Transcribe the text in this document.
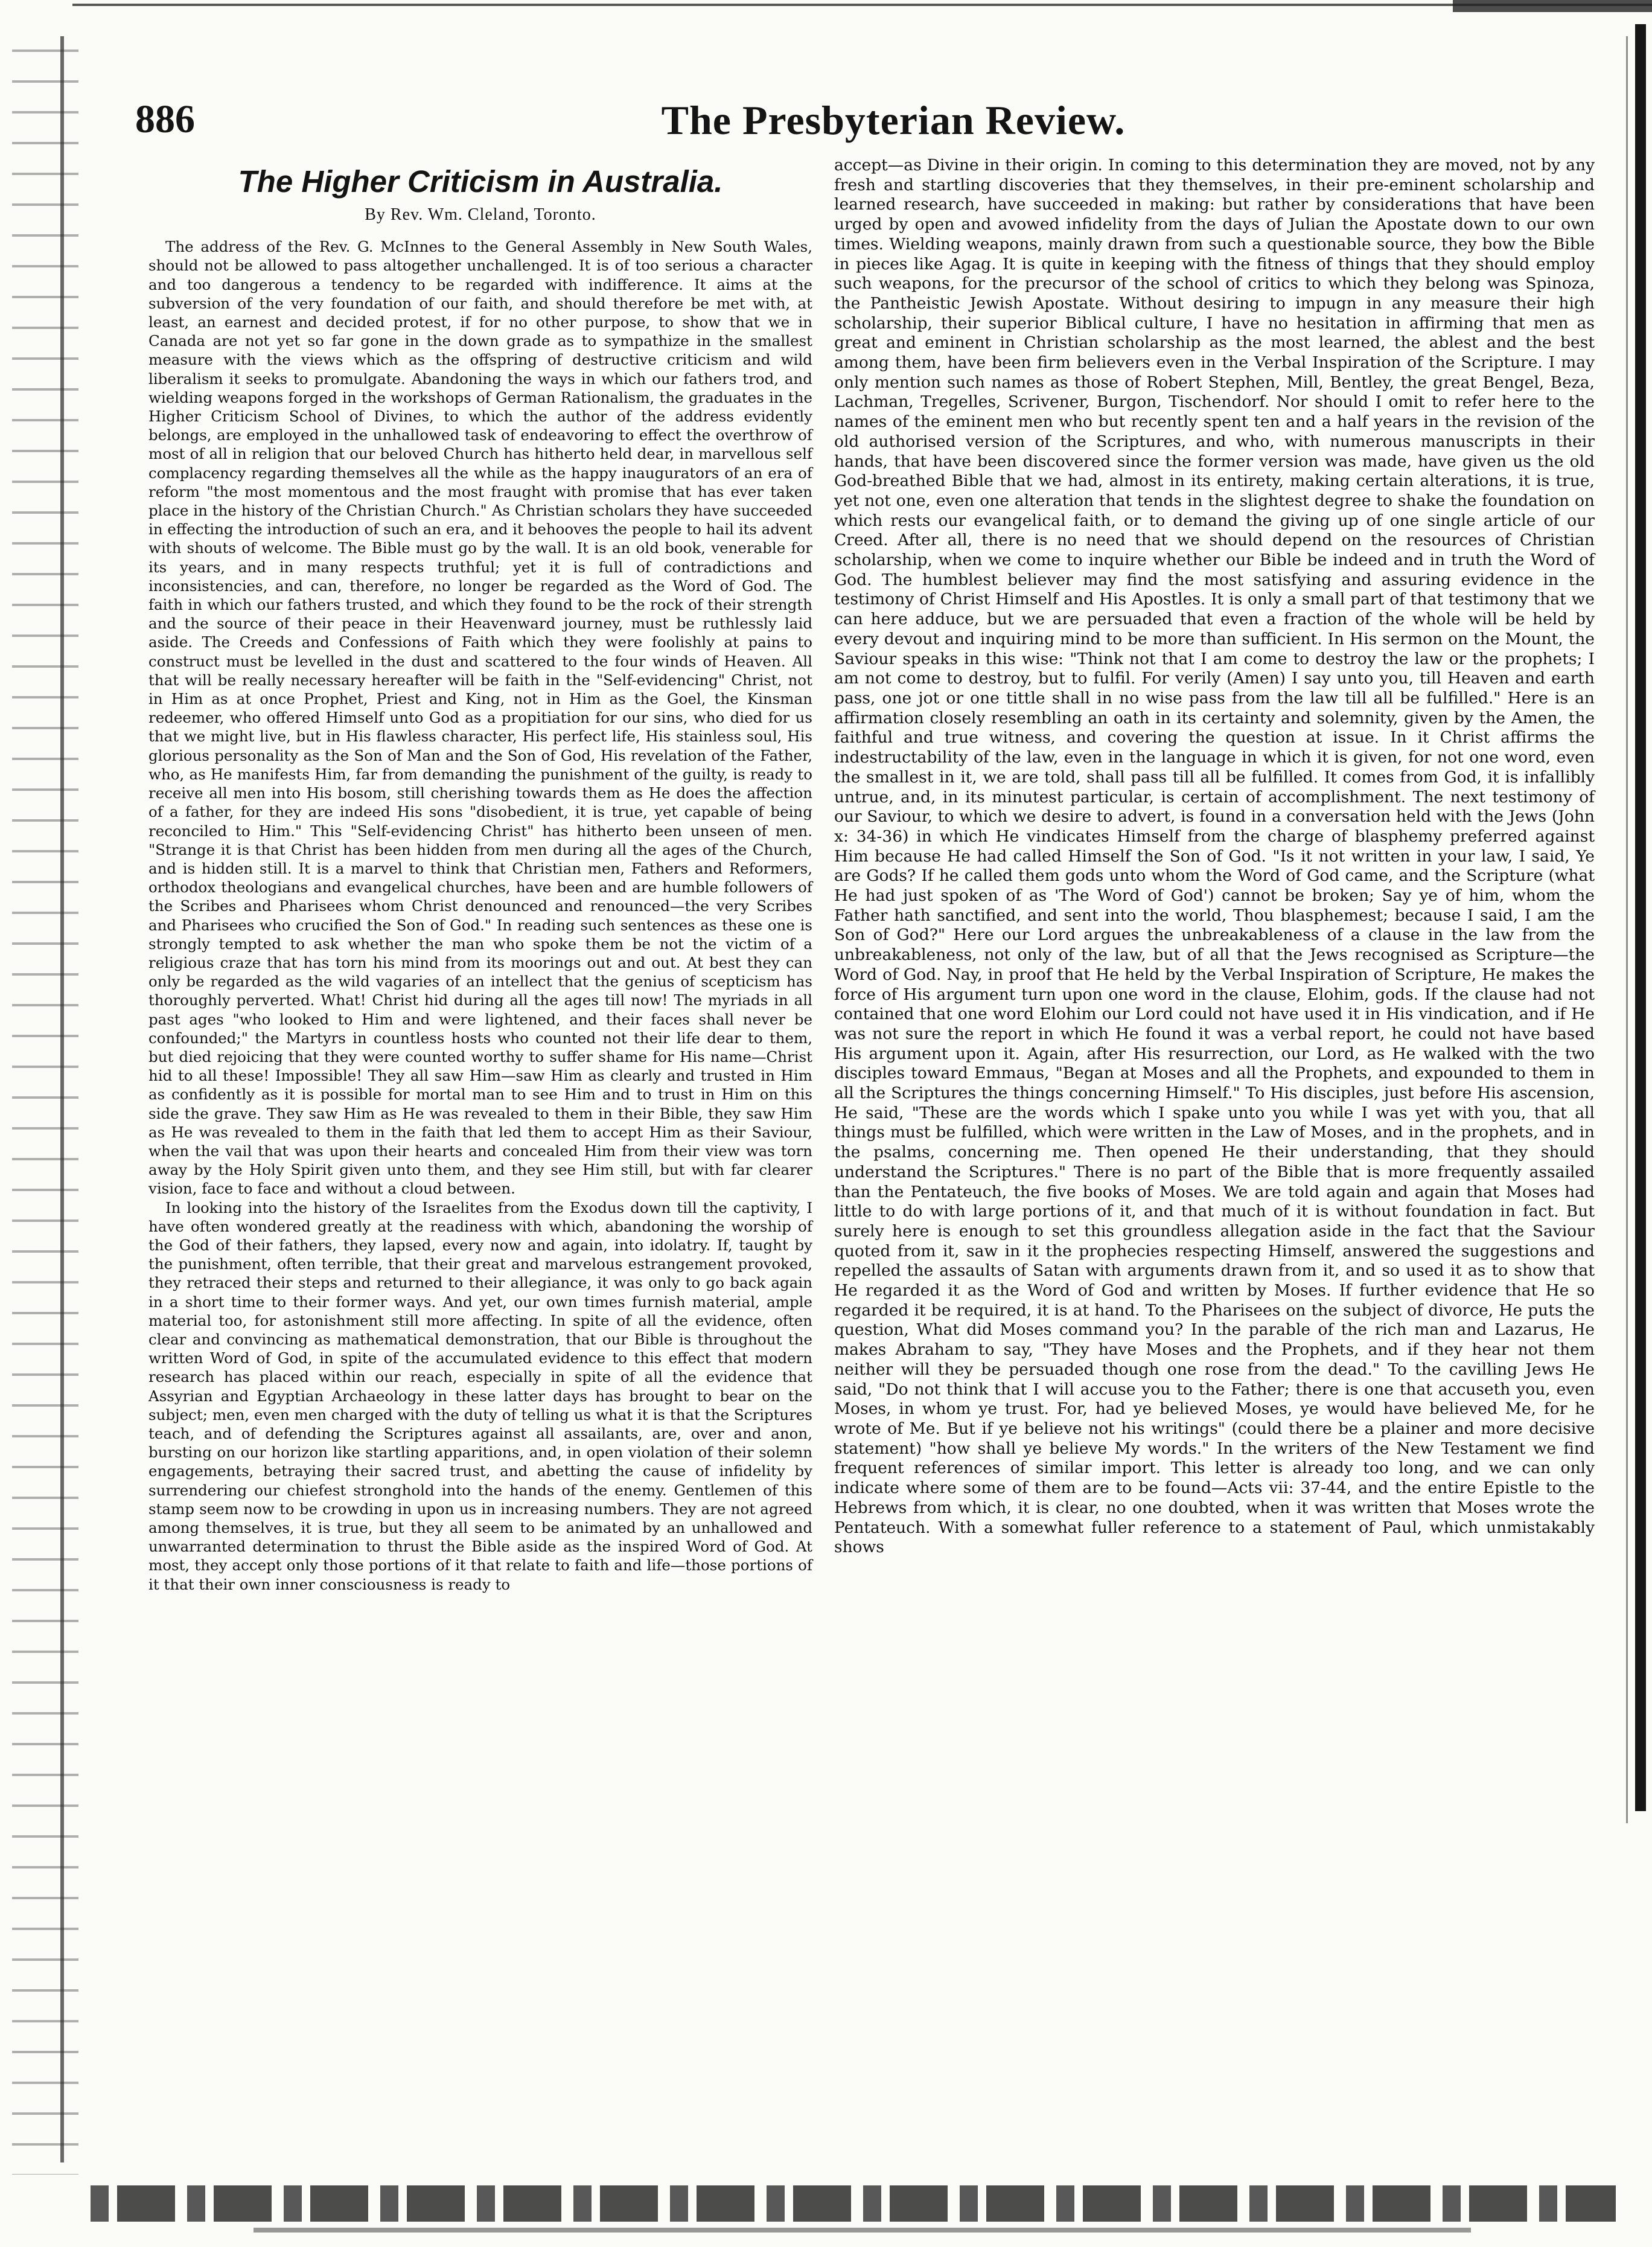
886	The Presbyterian Review.
The Higher Criticism in Australia.
By Rev. Wm. Cleland, Toronto.

The address of the Rev. G. McInnes to the General Assembly in New South Wales, should not be allowed to pass altogether unchallenged. It is of too serious a character and too dangerous a tendency to be regarded with indifference. It aims at the subversion of the very foundation of our faith, and should therefore be met with, at least, an earnest and decided protest, if for no other purpose, to show that we in Canada are not yet so far gone in the down grade as to sympathize in the smallest measure with the views which as the offspring of destructive criticism and wild liberalism it seeks to promulgate. Abandoning the ways in which our fathers trod, and wielding weapons forged in the workshops of German Rationalism, the graduates in the Higher Criticism School of Divines, to which the author of the address evidently belongs, are employed in the unhallowed task of endeavoring to effect the overthrow of most of all in religion that our beloved Church has hitherto held dear, in marvellous self complacency regarding themselves all the while as the happy inaugurators of an era of reform "the most momentous and the most fraught with promise that has ever taken place in the history of the Christian Church." As Christian scholars they have succeeded in effecting the introduction of such an era, and it behooves the people to hail its advent with shouts of welcome. The Bible must go by the wall. It is an old book, venerable for its years, and in many respects truthful; yet it is full of contradictions and inconsistencies, and can, therefore, no longer be regarded as the Word of God. The faith in which our fathers trusted, and which they found to be the rock of their strength and the source of their peace in their Heavenward journey, must be ruthlessly laid aside. The Creeds and Confessions of Faith which they were foolishly at pains to construct must be levelled in the dust and scattered to the four winds of Heaven. All that will be really necessary hereafter will be faith in the "Self-evidencing" Christ, not in Him as at once Prophet, Priest and King, not in Him as the Goel, the Kinsman redeemer, who offered Himself unto God as a propitiation for our sins, who died for us that we might live, but in His flawless character, His perfect life, His stainless soul, His glorious personality as the Son of Man and the Son of God, His revelation of the Father, who, as He manifests Him, far from demanding the punishment of the guilty, is ready to receive all men into His bosom, still cherishing towards them as He does the affection of a father, for they are indeed His sons "disobedient, it is true, yet capable of being reconciled to Him." This "Self-evidencing Christ" has hitherto been unseen of men. "Strange it is that Christ has been hidden from men during all the ages of the Church, and is hidden still. It is a marvel to think that Christian men, Fathers and Reformers, orthodox theologians and evangelical churches, have been and are humble followers of the Scribes and Pharisees whom Christ denounced and renounced—the very Scribes and Pharisees who crucified the Son of God." In reading such sentences as these one is strongly tempted to ask whether the man who spoke them be not the victim of a religious craze that has torn his mind from its moorings out and out. At best they can only be regarded as the wild vagaries of an intellect that the genius of scepticism has thoroughly perverted. What! Christ hid during all the ages till now! The myriads in all past ages "who looked to Him and were lightened, and their faces shall never be confounded;" the Martyrs in countless hosts who counted not their life dear to them, but died rejoicing that they were counted worthy to suffer shame for His name—Christ hid to all these! Impossible! They all saw Him—saw Him as clearly and trusted in Him as confidently as it is possible for mortal man to see Him and to trust in Him on this side the grave. They saw Him as He was revealed to them in their Bible, they saw Him as He was revealed to them in the faith that led them to accept Him as their Saviour, when the vail that was upon their hearts and concealed Him from their view was torn away by the Holy Spirit given unto them, and they see Him still, but with far clearer vision, face to face and without a cloud between.

In looking into the history of the Israelites from the Exodus down till the captivity, I have often wondered greatly at the readiness with which, abandoning the worship of the God of their fathers, they lapsed, every now and again, into idolatry. If, taught by the punishment, often terrible, that their great and marvelous estrangement provoked, they retraced their steps and returned to their allegiance, it was only to go back again in a short time to their former ways. And yet, our own times furnish material, ample material too, for astonishment still more affecting. In spite of all the evidence, often clear and convincing as mathematical demonstration, that our Bible is throughout the written Word of God, in spite of the accumulated evidence to this effect that modern research has placed within our reach, especially in spite of all the evidence that Assyrian and Egyptian Archaeology in these latter days has brought to bear on the subject; men, even men charged with the duty of telling us what it is that the Scriptures teach, and of defending the Scriptures against all assailants, are, over and anon, bursting on our horizon like startling apparitions, and, in open violation of their solemn engagements, betraying their sacred trust, and abetting the cause of infidelity by surrendering our chiefest stronghold into the hands of the enemy. Gentlemen of this stamp seem now to be crowding in upon us in increasing numbers. They are not agreed among themselves, it is true, but they all seem to be animated by an unhallowed and unwarranted determination to thrust the Bible aside as the inspired Word of God. At most, they accept only those portions of it that relate to faith and life—those portions of it that their own inner consciousness is ready to

accept—as Divine in their origin. In coming to this determination they are moved, not by any fresh and startling discoveries that they themselves, in their pre-eminent scholarship and learned research, have succeeded in making: but rather by considerations that have been urged by open and avowed infidelity from the days of Julian the Apostate down to our own times. Wielding weapons, mainly drawn from such a questionable source, they bow the Bible in pieces like Agag. It is quite in keeping with the fitness of things that they should employ such weapons, for the precursor of the school of critics to which they belong was Spinoza, the Pantheistic Jewish Apostate. Without desiring to impugn in any measure their high scholarship, their superior Biblical culture, I have no hesitation in affirming that men as great and eminent in Christian scholarship as the most learned, the ablest and the best among them, have been firm believers even in the Verbal Inspiration of the Scripture. I may only mention such names as those of Robert Stephen, Mill, Bentley, the great Bengel, Beza, Lachman, Tregelles, Scrivener, Burgon, Tischendorf. Nor should I omit to refer here to the names of the eminent men who but recently spent ten and a half years in the revision of the old authorised version of the Scriptures, and who, with numerous manuscripts in their hands, that have been discovered since the former version was made, have given us the old God-breathed Bible that we had, almost in its entirety, making certain alterations, it is true, yet not one, even one alteration that tends in the slightest degree to shake the foundation on which rests our evangelical faith, or to demand the giving up of one single article of our Creed. After all, there is no need that we should depend on the resources of Christian scholarship, when we come to inquire whether our Bible be indeed and in truth the Word of God. The humblest believer may find the most satisfying and assuring evidence in the testimony of Christ Himself and His Apostles. It is only a small part of that testimony that we can here adduce, but we are persuaded that even a fraction of the whole will be held by every devout and inquiring mind to be more than sufficient. In His sermon on the Mount, the Saviour speaks in this wise: "Think not that I am come to destroy the law or the prophets; I am not come to destroy, but to fulfil. For verily (Amen) I say unto you, till Heaven and earth pass, one jot or one tittle shall in no wise pass from the law till all be fulfilled." Here is an affirmation closely resembling an oath in its certainty and solemnity, given by the Amen, the faithful and true witness, and covering the question at issue. In it Christ affirms the indestructability of the law, even in the language in which it is given, for not one word, even the smallest in it, we are told, shall pass till all be fulfilled. It comes from God, it is infallibly untrue, and, in its minutest particular, is certain of accomplishment. The next testimony of our Saviour, to which we desire to advert, is found in a conversation held with the Jews (John x: 34-36) in which He vindicates Himself from the charge of blasphemy preferred against Him because He had called Himself the Son of God. "Is it not written in your law, I said, Ye are Gods? If he called them gods unto whom the Word of God came, and the Scripture (what He had just spoken of as 'The Word of God') cannot be broken; Say ye of him, whom the Father hath sanctified, and sent into the world, Thou blasphemest; because I said, I am the Son of God?" Here our Lord argues the unbreakableness of a clause in the law from the unbreakableness, not only of the law, but of all that the Jews recognised as Scripture—the Word of God. Nay, in proof that He held by the Verbal Inspiration of Scripture, He makes the force of His argument turn upon one word in the clause, Elohim, gods. If the clause had not contained that one word Elohim our Lord could not have used it in His vindication, and if He was not sure the report in which He found it was a verbal report, he could not have based His argument upon it. Again, after His resurrection, our Lord, as He walked with the two disciples toward Emmaus, "Began at Moses and all the Prophets, and expounded to them in all the Scriptures the things concerning Himself." To His disciples, just before His ascension, He said, "These are the words which I spake unto you while I was yet with you, that all things must be fulfilled, which were written in the Law of Moses, and in the prophets, and in the psalms, concerning me. Then opened He their understanding, that they should understand the Scriptures." There is no part of the Bible that is more frequently assailed than the Pentateuch, the five books of Moses. We are told again and again that Moses had little to do with large portions of it, and that much of it is without foundation in fact. But surely here is enough to set this groundless allegation aside in the fact that the Saviour quoted from it, saw in it the prophecies respecting Himself, answered the suggestions and repelled the assaults of Satan with arguments drawn from it, and so used it as to show that He regarded it as the Word of God and written by Moses. If further evidence that He so regarded it be required, it is at hand. To the Pharisees on the subject of divorce, He puts the question, What did Moses command you? In the parable of the rich man and Lazarus, He makes Abraham to say, "They have Moses and the Prophets, and if they hear not them neither will they be persuaded though one rose from the dead." To the cavilling Jews He said, "Do not think that I will accuse you to the Father; there is one that accuseth you, even Moses, in whom ye trust. For, had ye believed Moses, ye would have believed Me, for he wrote of Me. But if ye believe not his writings" (could there be a plainer and more decisive statement) "how shall ye believe My words." In the writers of the New Testament we find frequent references of similar import. This letter is already too long, and we can only indicate where some of them are to be found—Acts vii: 37-44, and the entire Epistle to the Hebrews from which, it is clear, no one doubted, when it was written that Moses wrote the Pentateuch. With a somewhat fuller reference to a statement of Paul, which unmistakably shows
